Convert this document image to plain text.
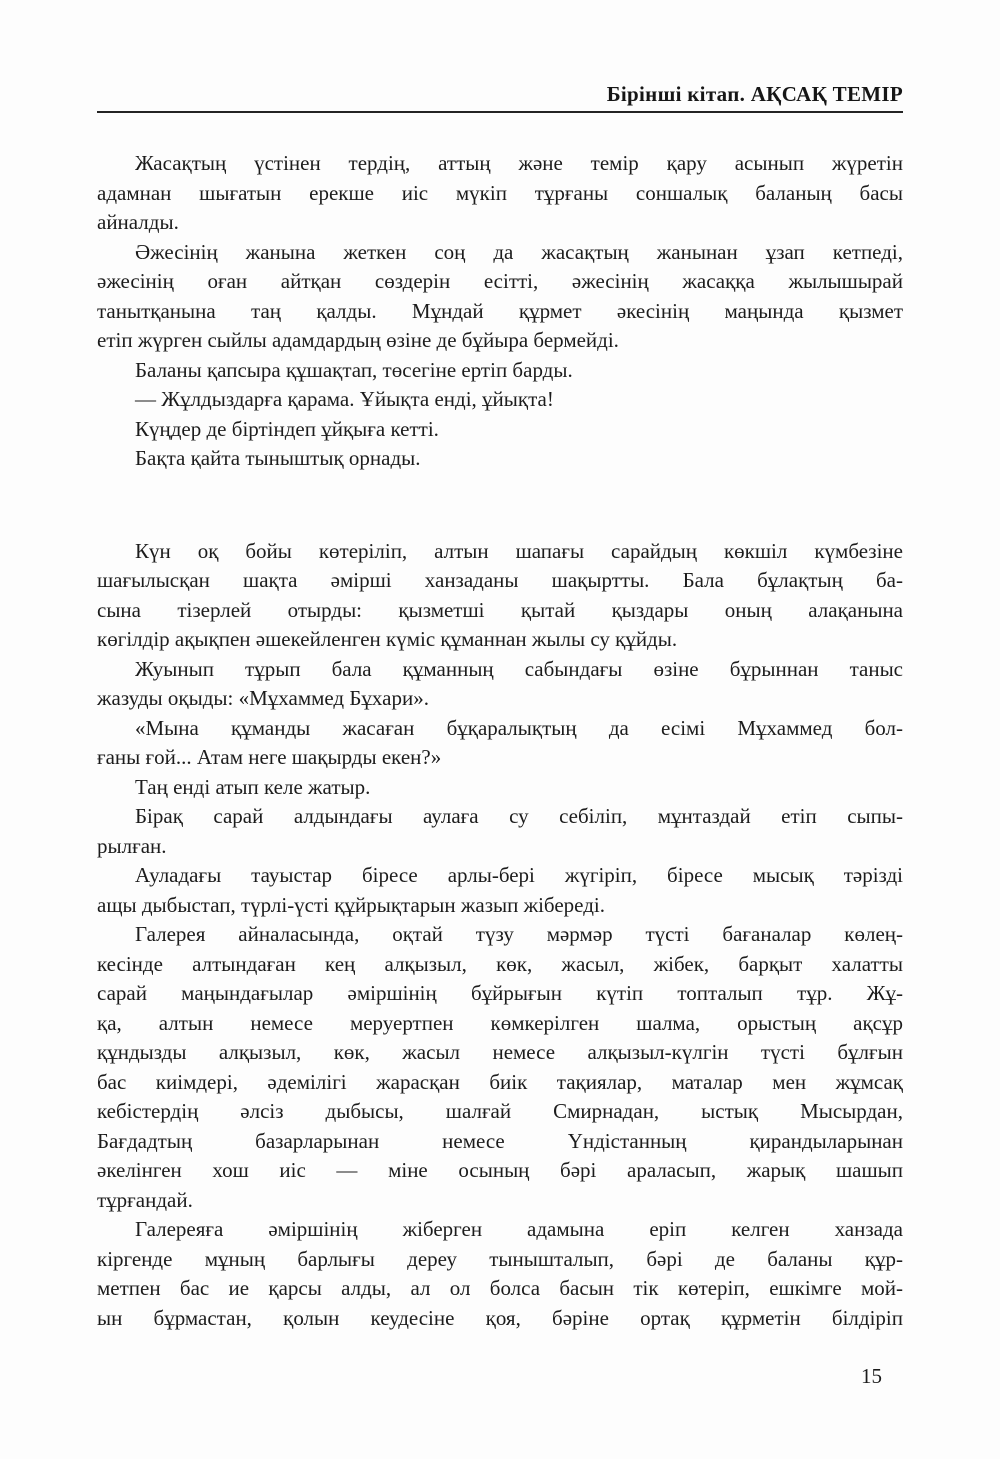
Бірінші кітап. АҚСАҚ ТЕМІР

Жасақтың үстінен тердің, аттың және темір қару асынып жүретін
адамнан шығатын ерекше иіс мүкіп тұрғаны соншалық баланың басы
айналды.

Әжесінің жанына жеткен соң да жасақтың жанынан ұзап кетпеді,
әжесінің оған айтқан сөздерін есітті, әжесінің жасаққа жылышырай
танытқанына таң қалды. Мұндай құрмет әкесінің маңында қызмет
етіп жүрген сыйлы адамдардың өзіне де бұйыра бермейді.

Баланы қапсыра құшақтап, төсегіне ертіп барды.

— Жұлдыздарға қарама. Ұйықта енді, ұйықта!

Күңдер де біртіндеп ұйқыға кетті.

Бақта қайта тыныштық орнады.

Күн оқ бойы көтеріліп, алтын шапағы сарайдың көкшіл күмбезіне
шағылысқан шақта әмірші ханзаданы шақыртты. Бала бұлақтың ба-
сына тізерлей отырды: қызметші қытай қыздары оның алақанына
көгілдір ақықпен әшекейленген күміс құманнан жылы су құйды.

Жуынып тұрып бала құманның сабындағы өзіне бұрыннан таныс
жазуды оқыды: «Мұхаммед Бұхари».

«Мына құманды жасаған бұқаралықтың да есімі Мұхаммед бол-
ғаны ғой... Атам неге шақырды екен?»

Таң енді атып келе жатыр.

Бірақ сарай алдындағы аулаға су себіліп, мұнтаздай етіп сыпы-
рылған.

Ауладағы тауыстар біресе арлы-бері жүгіріп, біресе мысық тәрізді
ащы дыбыстап, түрлі-үсті құйрықтарын жазып жібереді.

Галерея айналасында, оқтай түзу мәрмәр түсті бағаналар көлең-
кесінде алтындаған кең алқызыл, көк, жасыл, жібек, барқыт халатты
сарай маңындағылар әміршінің бұйрығын күтіп топталып тұр. Жұ-
қа, алтын немесе меруертпен көмкерілген шалма, орыстың ақсұр
құндызды алқызыл, көк, жасыл немесе алқызыл-күлгін түсті бұлғын
бас киімдері, әдемілігі жарасқан биік тақиялар, маталар мен жұмсақ
кебістердің әлсіз дыбысы, шалғай Смирнадан, ыстық Мысырдан,
Бағдадтың базарларынан немесе Үндістанның қирандыларынан
әкелінген хош иіс — міне осының бәрі араласып, жарық шашып
тұрғандай.

Галереяға әміршінің жіберген адамына еріп келген ханзада
кіргенде мұның барлығы дереу тынышталып, бәрі де баланы құр-
метпен бас ие қарсы алды, ал ол болса басын тік көтеріп, ешкімге мой-
ын бұрмастан, қолын кеудесіне қоя, бәріне ортақ құрметін білдіріп

15
